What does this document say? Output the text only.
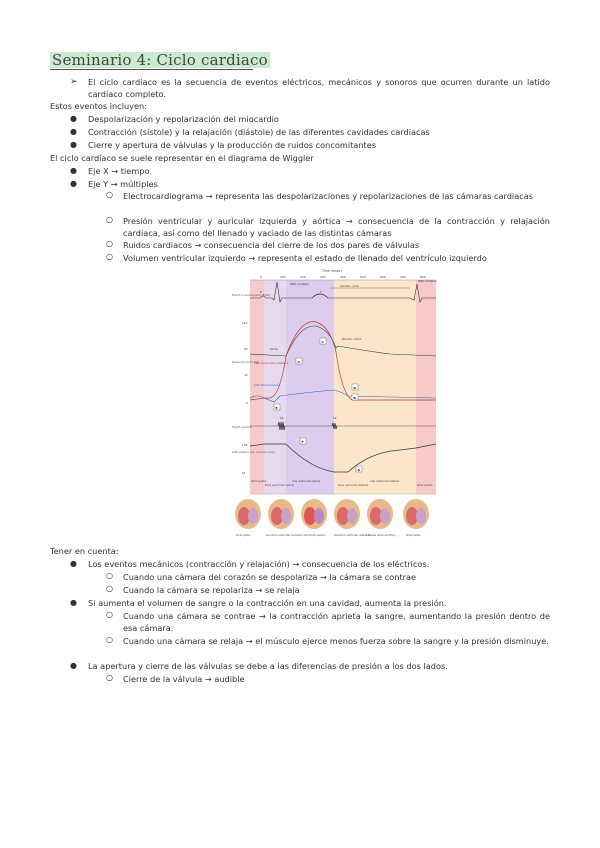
Seminario 4: Ciclo cardiaco
➢ El ciclo cardíaco es la secuencia de eventos eléctricos, mecánicos y sonoros que ocurren durante un latido cardíaco completo.
Estos eventos incluyen:
● Despolarización y repolarización del miocardio
● Contracción (sístole) y la relajación (diástole) de las diferentes cavidades cardiacas
● Cierre y apertura de válvulas y la producción de ruidos concomitantes
El ciclo cardíaco se suele representar en el diagrama de Wiggler
● Eje X → tiempo
● Eje Y → múltiples
○ Electrocardiograma → representa las despolarizaciones y repolarizaciones de las cámaras cardiacas
○ Presión ventricular y auricular izquierda y aórtica → consecuencia de la contracción y relajación cardiaca, así como del llenado y vaciado de las distintas cámaras
○ Ruidos cardiacos → consecuencia del cierre de los dos pares de válvulas
○ Volumen ventricular izquierdo → representa el estado de llenado del ventrículo izquierdo
Time (msec)
0	100	200	300	400	500	600	700	800
Electro-cardiogram (ECG)
Pressure (mm Hg)
Heart sounds
Left ventricular volume (mL)
QRS complex
P	T
Cardiac cycle
QRS complex
120
80
40
0
Aorta
Dicrotic notch
Left ventricular pressure
Left atrial pressure
A
B
C
D
E
F
G
S1	S2
135
65
Atrial systole
Early ventricular systole
Late ventricular systole
Early ventricular diastole
Late ventricular diastole
Atrial systole
Atrial systole	Isovolumic ventricular contraction Ventricular ejection	Isovolumic ventricular relaxation
Passive ventricular filling	Atrial systole
Tener en cuenta:
● Los eventos mecánicos (contracción y relajación) → consecuencia de los eléctricos.
○ Cuando una cámara del corazón se despolariza → la cámara se contrae
○ Cuando la cámara se repolariza → se relaja
● Si aumenta el volumen de sangre o la contracción en una cavidad, aumenta la presión.
○ Cuando una cámara se contrae → la contracción aprieta la sangre, aumentando la presión dentro de esa cámara.
○ Cuando una cámara se relaja → el músculo ejerce menos fuerza sobre la sangre y la presión disminuye.
● La apertura y cierre de las válvulas se debe a las diferencias de presión a los dos lados.
○ Cierre de la válvula → audible
